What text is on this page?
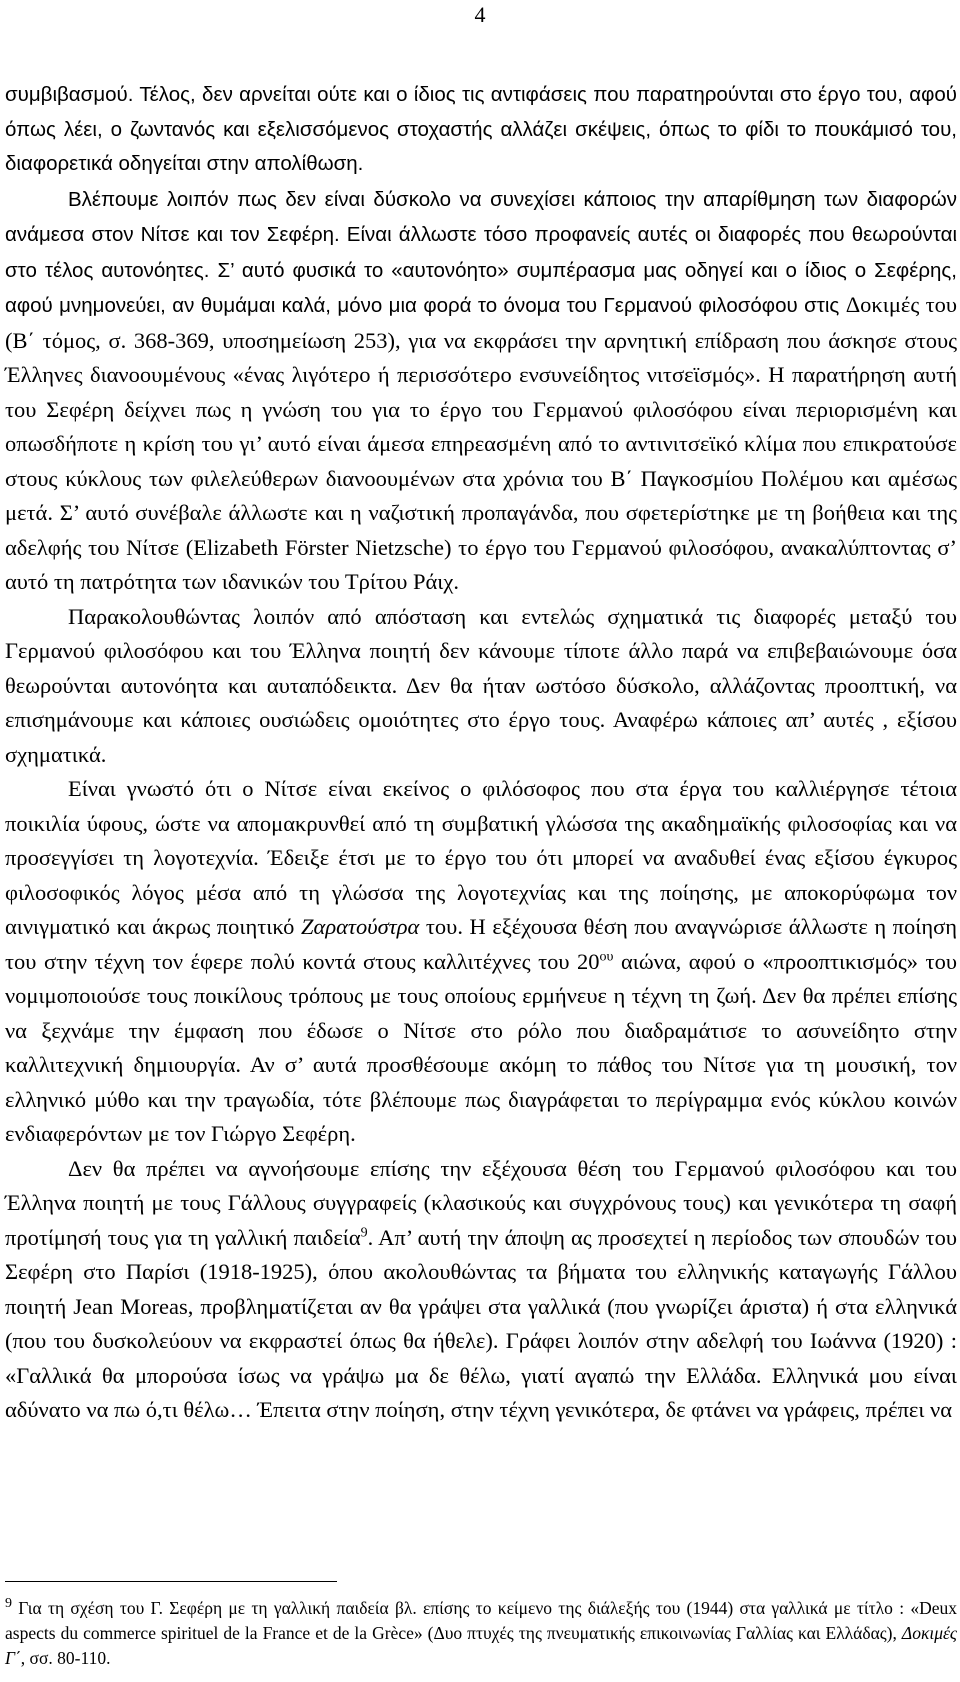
4

συμβιβασμού. Τέλος, δεν αρνείται ούτε και ο ίδιος τις αντιφάσεις που παρατηρούνται στο έργο του, αφού όπως λέει, ο ζωντανός και εξελισσόμενος στοχαστής αλλάζει σκέψεις, όπως το φίδι το πουκάμισό του, διαφορετικά οδηγείται στην απολίθωση.

Βλέπουμε λοιπόν πως δεν είναι δύσκολο να συνεχίσει κάποιος την απαρίθμηση των διαφορών ανάμεσα στον Νίτσε και τον Σεφέρη. Είναι άλλωστε τόσο προφανείς αυτές οι διαφορές που θεωρούνται στο τέλος αυτονόητες. Σ’ αυτό φυσικά το «αυτονόητο» συμπέρασμα μας οδηγεί και ο ίδιος ο Σεφέρης, αφού μνημονεύει, αν θυμάμαι καλά, μόνο μια φορά το όνομα του Γερμανού φιλοσόφου στις Δοκιμές του (Β΄ τόμος, σ. 368-369, υποσημείωση 253), για να εκφράσει την αρνητική επίδραση που άσκησε στους Έλληνες διανοουμένους «ένας λιγότερο ή περισσότερο ενσυνείδητος νιτσεϊσμός». Η παρατήρηση αυτή του Σεφέρη δείχνει πως η γνώση του για το έργο του Γερμανού φιλοσόφου είναι περιορισμένη και οπωσδήποτε η κρίση του γι’ αυτό είναι άμεσα επηρεασμένη από το αντινιτσεϊκό κλίμα που επικρατούσε στους κύκλους των φιλελεύθερων διανοουμένων στα χρόνια του Β΄ Παγκοσμίου Πολέμου και αμέσως μετά. Σ’ αυτό συνέβαλε άλλωστε και η ναζιστική προπαγάνδα, που σφετερίστηκε με τη βοήθεια και της αδελφής του Νίτσε (Elizabeth Förster Nietzsche) το έργο του Γερμανού φιλοσόφου, ανακαλύπτοντας σ’ αυτό τη πατρότητα των ιδανικών του Τρίτου Ράιχ.

Παρακολουθώντας λοιπόν από απόσταση και εντελώς σχηματικά τις διαφορές μεταξύ του Γερμανού φιλοσόφου και του Έλληνα ποιητή δεν κάνουμε τίποτε άλλο παρά να επιβεβαιώνουμε όσα θεωρούνται αυτονόητα και αυταπόδεικτα. Δεν θα ήταν ωστόσο δύσκολο, αλλάζοντας προοπτική, να επισημάνουμε και κάποιες ουσιώδεις ομοιότητες στο έργο τους. Αναφέρω κάποιες απ’ αυτές , εξίσου σχηματικά.

Είναι γνωστό ότι ο Νίτσε είναι εκείνος ο φιλόσοφος που στα έργα του καλλιέργησε τέτοια ποικιλία ύφους, ώστε να απομακρυνθεί από τη συμβατική γλώσσα της ακαδημαϊκής φιλοσοφίας και να προσεγγίσει τη λογοτεχνία. Έδειξε έτσι με το έργο του ότι μπορεί να αναδυθεί ένας εξίσου έγκυρος φιλοσοφικός λόγος μέσα από τη γλώσσα της λογοτεχνίας και της ποίησης, με αποκορύφωμα τον αινιγματικό και άκρως ποιητικό Ζαρατούστρα του. Η εξέχουσα θέση που αναγνώρισε άλλωστε η ποίηση του στην τέχνη τον έφερε πολύ κοντά στους καλλιτέχνες του $20^{o\upsilon}$ αιώνα, αφού ο «προοπτικισμός» του νομιμοποιούσε τους ποικίλους τρόπους με τους οποίους ερμήνευε η τέχνη τη ζωή. Δεν θα πρέπει επίσης να ξεχνάμε την έμφαση που έδωσε ο Νίτσε στο ρόλο που διαδραμάτισε το ασυνείδητο στην καλλιτεχνική δημιουργία. Αν σ’ αυτά προσθέσουμε ακόμη το πάθος του Νίτσε για τη μουσική, τον ελληνικό μύθο και την τραγωδία, τότε βλέπουμε πως διαγράφεται το περίγραμμα ενός κύκλου κοινών ενδιαφερόντων με τον Γιώργο Σεφέρη.

Δεν θα πρέπει να αγνοήσουμε επίσης την εξέχουσα θέση του Γερμανού φιλοσόφου και του Έλληνα ποιητή με τους Γάλλους συγγραφείς (κλασικούς και συγχρόνους τους) και γενικότερα τη σαφή προτίμησή τους για τη γαλλική παιδεία$^9$. Απ’ αυτή την άποψη ας προσεχτεί η περίοδος των σπουδών του Σεφέρη στο Παρίσι (1918-1925), όπου ακολουθώντας τα βήματα του ελληνικής καταγωγής Γάλλου ποιητή Jean Moreas, προβληματίζεται αν θα γράψει στα γαλλικά (που γνωρίζει άριστα) ή στα ελληνικά (που του δυσκολεύουν να εκφραστεί όπως θα ήθελε). Γράφει λοιπόν στην αδελφή του Ιωάννα (1920) : «Γαλλικά θα μπορούσα ίσως να γράψω μα δε θέλω, γιατί αγαπώ την Ελλάδα. Ελληνικά μου είναι αδύνατο να πω ό,τι θέλω… Έπειτα στην ποίηση, στην τέχνη γενικότερα, δε φτάνει να γράφεις, πρέπει να

$^9$ Για τη σχέση του Γ. Σεφέρη με τη γαλλική παιδεία βλ. επίσης το κείμενο της διάλεξής του (1944) στα γαλλικά με τίτλο : «Deux aspects du commerce spirituel de la France et de la Grèce» (Δυο πτυχές της πνευματικής επικοινωνίας Γαλλίας και Ελλάδας), Δοκιμές Γ΄, σσ. 80-110.
